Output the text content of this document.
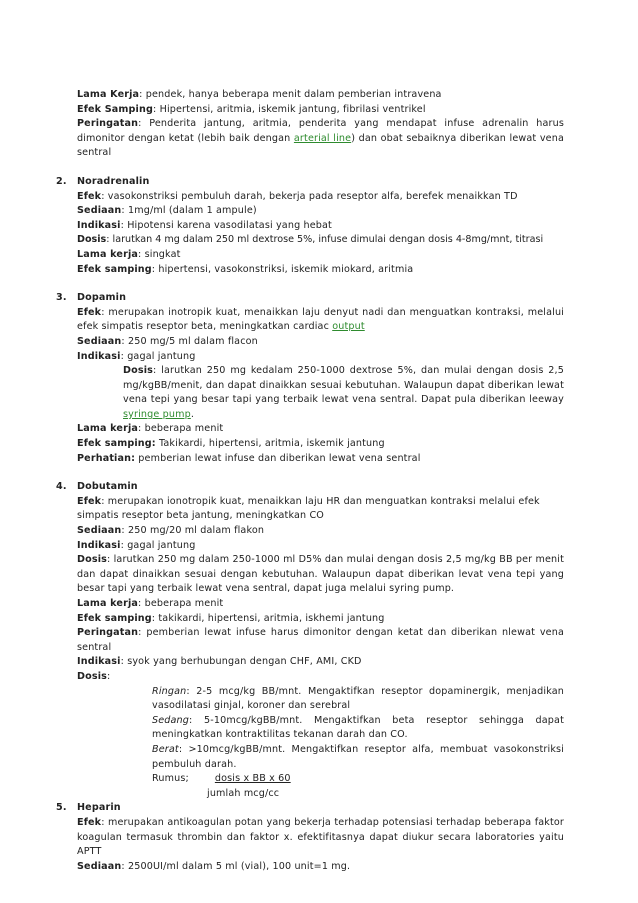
Lama Kerja: pendek, hanya beberapa menit dalam pemberian intravena
Efek Samping: Hipertensi, aritmia, iskemik jantung, fibrilasi ventrikel
Peringatan: Penderita jantung, aritmia, penderita yang mendapat infuse adrenalin harus dimonitor dengan ketat (lebih baik dengan arterial line) dan obat sebaiknya diberikan lewat vena sentral
2. Noradrenalin
Efek: vasokonstriksi pembuluh darah, bekerja pada reseptor alfa, berefek menaikkan TD
Sediaan: 1mg/ml (dalam 1 ampule)
Indikasi: Hipotensi karena vasodilatasi yang hebat
Dosis: larutkan 4 mg dalam 250 ml dextrose 5%, infuse dimulai dengan dosis 4-8mg/mnt, titrasi
Lama kerja: singkat
Efek samping: hipertensi, vasokonstriksi, iskemik miokard, aritmia
3. Dopamin
Efek: merupakan inotropik kuat, menaikkan laju denyut nadi dan menguatkan kontraksi, melalui efek simpatis reseptor beta, meningkatkan cardiac output
Sediaan: 250 mg/5 ml dalam flacon
Indikasi: gagal jantung
Dosis: larutkan 250 mg kedalam 250-1000 dextrose 5%, dan mulai dengan dosis 2,5 mg/kgBB/menit, dan dapat dinaikkan sesuai kebutuhan. Walaupun dapat diberikan lewat vena tepi yang besar tapi yang terbaik lewat vena sentral. Dapat pula diberikan leeway syringe pump.
Lama kerja: beberapa menit
Efek samping: Takikardi, hipertensi, aritmia, iskemik jantung
Perhatian: pemberian lewat infuse dan diberikan lewat vena sentral
4. Dobutamin
Efek: merupakan ionotropik kuat, menaikkan laju HR dan menguatkan kontraksi melalui efek simpatis reseptor beta jantung, meningkatkan CO
Sediaan: 250 mg/20 ml dalam flakon
Indikasi: gagal jantung
Dosis: larutkan 250 mg dalam 250-1000 ml D5% dan mulai dengan dosis 2,5 mg/kg BB per menit dan dapat dinaikkan sesuai dengan kebutuhan. Walaupun dapat diberikan levat vena tepi yang besar tapi yang terbaik lewat vena sentral, dapat juga melalui syring pump.
Lama kerja: beberapa menit
Efek samping: takikardi, hipertensi, aritmia, iskhemi jantung
Peringatan: pemberian lewat infuse harus dimonitor dengan ketat dan diberikan nlewat vena sentral
Indikasi: syok yang berhubungan dengan CHF, AMI, CKD
Dosis:
Ringan: 2-5 mcg/kg BB/mnt. Mengaktifkan reseptor dopaminergik, menjadikan vasodilatasi ginjal, koroner dan serebral
Sedang: 5-10mcg/kgBB/mnt. Mengaktifkan beta reseptor sehingga dapat meningkatkan kontraktilitas tekanan darah dan CO.
Berat: >10mcg/kgBB/mnt. Mengaktifkan reseptor alfa, membuat vasokonstriksi pembuluh darah.
Rumus;	dosis x BB x 60
jumlah mcg/cc
5. Heparin
Efek: merupakan antikoagulan potan yang bekerja terhadap potensiasi terhadap beberapa faktor koagulan termasuk thrombin dan faktor x. efektifitasnya dapat diukur secara laboratories yaitu APTT
Sediaan: 2500UI/ml dalam 5 ml (vial), 100 unit=1 mg.
